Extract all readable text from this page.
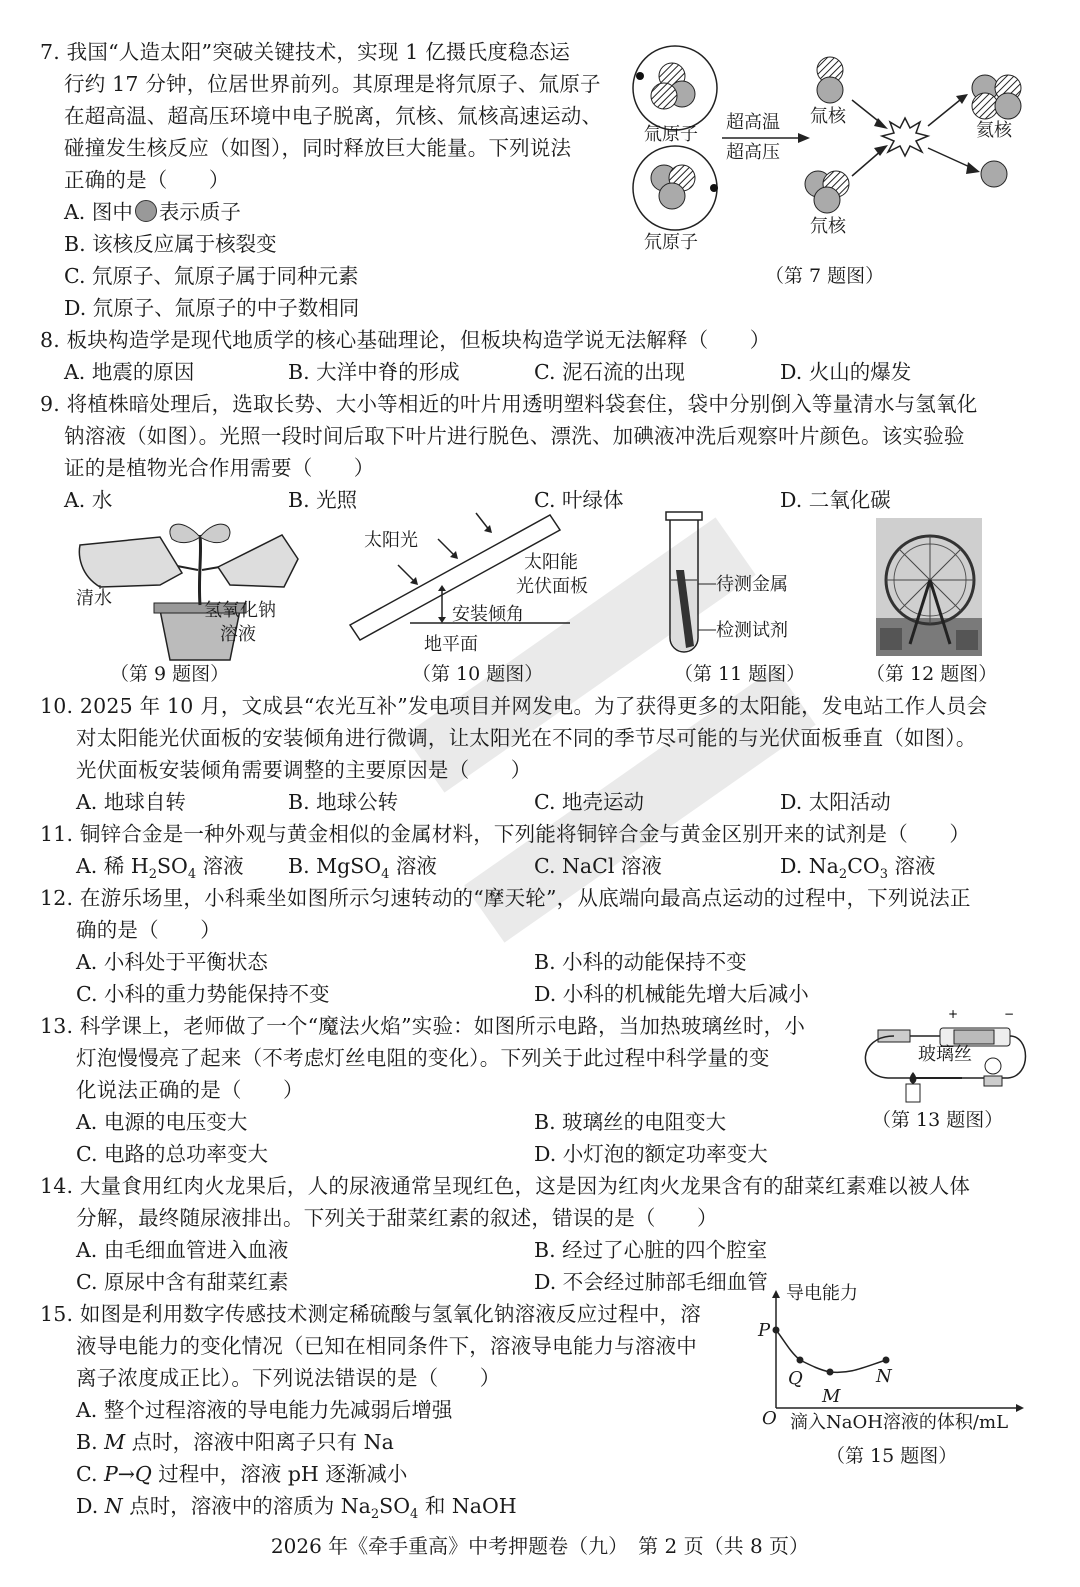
7. 我国“人造太阳”突破关键技术，实现 1 亿摄氏度稳态运
行约 17 分钟，位居世界前列。其原理是将氘原子、氚原子
在超高温、超高压环境中电子脱离，氘核、氚核高速运动、
碰撞发生核反应（如图），同时释放巨大能量。下列说法
正确的是（　　）
A. 图中 表示质子
B. 该核反应属于核裂变
C. 氘原子、氚原子属于同种元素
D. 氘原子、氚原子的中子数相同
氚原子
氘原子
超高温
超高压
氚核
氘核
氦核
（第 7 题图）
8. 板块构造学是现代地质学的核心基础理论，但板块构造学说无法解释（　　）
A. 地震的原因	B. 大洋中脊的形成	C. 泥石流的出现	D. 火山的爆发
9. 将植株暗处理后，选取长势、大小等相近的叶片用透明塑料袋套住，袋中分别倒入等量清水与氢氧化
钠溶液（如图）。光照一段时间后取下叶片进行脱色、漂洗、加碘液冲洗后观察叶片颜色。该实验验
证的是植物光合作用需要（　　）
A. 水	B. 光照	C. 叶绿体	D. 二氧化碳
清水
氢氧化钠
溶液
（第 9 题图）
太阳光
太阳能
光伏面板
安装倾角
地平面
（第 10 题图）
待测金属
检测试剂
（第 11 题图）	（第 12 题图）
10. 2025 年 10 月，文成县“农光互补”发电项目并网发电。为了获得更多的太阳能，发电站工作人员会
对太阳能光伏面板的安装倾角进行微调，让太阳光在不同的季节尽可能的与光伏面板垂直（如图）。
光伏面板安装倾角需要调整的主要原因是（　　）
A. 地球自转	B. 地球公转	C. 地壳运动	D. 太阳活动
11. 铜锌合金是一种外观与黄金相似的金属材料，下列能将铜锌合金与黄金区别开来的试剂是（　　）
A. 稀 $H_2SO_4$ 溶液 B. MgSO$_4$ 溶液	C. NaCl 溶液	D. $Na_2CO_3$ 溶液
12. 在游乐场里，小科乘坐如图所示匀速转动的“摩天轮”，从底端向最高点运动的过程中，下列说法正
确的是（　　）
A. 小科处于平衡状态	B. 小科的动能保持不变
C. 小科的重力势能保持不变	D. 小科的机械能先增大后减小
13. 科学课上，老师做了一个“魔法火焰”实验：如图所示电路，当加热玻璃丝时，小
灯泡慢慢亮了起来（不考虑灯丝电阻的变化）。下列关于此过程中科学量的变
化说法正确的是（　　）
A. 电源的电压变大	B. 玻璃丝的电阻变大
C. 电路的总功率变大	D. 小灯泡的额定功率变大
+	−
玻璃丝
（第 13 题图）
14. 大量食用红肉火龙果后，人的尿液通常呈现红色，这是因为红肉火龙果含有的甜菜红素难以被人体
分解，最终随尿液排出。下列关于甜菜红素的叙述，错误的是（　　）
A. 由毛细血管进入血液	B. 经过了心脏的四个腔室
C. 原尿中含有甜菜红素	D. 不会经过肺部毛细血管
15. 如图是利用数字传感技术测定稀硫酸与氢氧化钠溶液反应过程中，溶
液导电能力的变化情况（已知在相同条件下，溶液导电能力与溶液中
离子浓度成正比）。下列说法错误的是（　　）
A. 整个过程溶液的导电能力先减弱后增强
B. M 点时，溶液中阳离子只有 Na
C. P→Q 过程中，溶液 pH 逐渐减小
D. N 点时，溶液中的溶质为 $Na_2SO_4$ 和 NaOH
导电能力
P
Q
M
N
O 滴入NaOH溶液的体积/mL
（第 15 题图）
2026 年《牵手重高》中考押题卷（九）　第 2 页（共 8 页）
